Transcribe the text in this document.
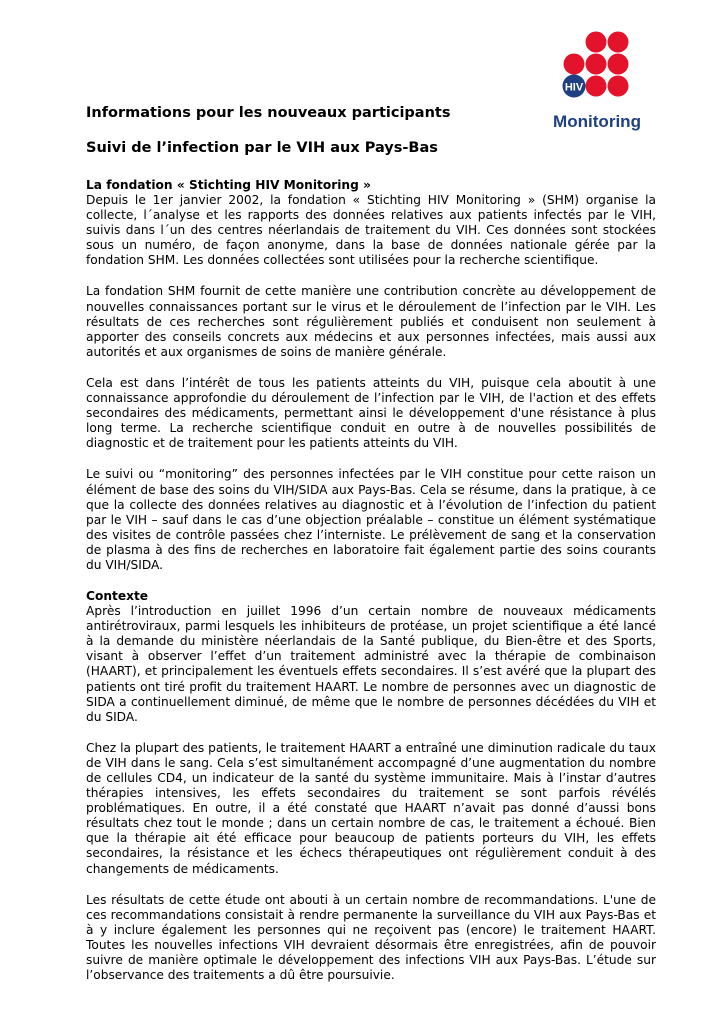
HIV
Monitoring
Informations pour les nouveaux participants
Suivi de l’infection par le VIH aux Pays-Bas
La fondation « Stichting HIV Monitoring »

Depuis le 1er janvier 2002, la fondation « Stichting HIV Monitoring » (SHM) organise la collecte, l´analyse et les rapports des données relatives aux patients infectés par le VIH, suivis dans l´un des centres néerlandais de traitement du VIH. Ces données sont stockées sous un numéro, de façon anonyme, dans la base de données nationale gérée par la fondation SHM. Les données collectées sont utilisées pour la recherche scientifique.

La fondation SHM fournit de cette manière une contribution concrète au développement de nouvelles connaissances portant sur le virus et le déroulement de l’infection par le VIH. Les résultats de ces recherches sont régulièrement publiés et conduisent non seulement à apporter des conseils concrets aux médecins et aux personnes infectées, mais aussi aux autorités et aux organismes de soins de manière générale.

Cela est dans l’intérêt de tous les patients atteints du VIH, puisque cela aboutit à une connaissance approfondie du déroulement de l’infection par le VIH, de l'action et des effets secondaires des médicaments, permettant ainsi le développement d'une résistance à plus long terme. La recherche scientifique conduit en outre à de nouvelles possibilités de diagnostic et de traitement pour les patients atteints du VIH.

Le suivi ou “monitoring” des personnes infectées par le VIH constitue pour cette raison un élément de base des soins du VIH/SIDA aux Pays-Bas. Cela se résume, dans la pratique, à ce que la collecte des données relatives au diagnostic et à l’évolution de l’infection du patient par le VIH – sauf dans le cas d’une objection préalable – constitue un élément systématique des visites de contrôle passées chez l’interniste. Le prélèvement de sang et la conservation de plasma à des fins de recherches en laboratoire fait également partie des soins courants du VIH/SIDA.

Contexte

Après l’introduction en juillet 1996 d’un certain nombre de nouveaux médicaments antirétroviraux, parmi lesquels les inhibiteurs de protéase, un projet scientifique a été lancé à la demande du ministère néerlandais de la Santé publique, du Bien-être et des Sports, visant à observer l’effet d’un traitement administré avec la thérapie de combinaison (HAART), et principalement les éventuels effets secondaires. Il s’est avéré que la plupart des patients ont tiré profit du traitement HAART. Le nombre de personnes avec un diagnostic de SIDA a continuellement diminué, de même que le nombre de personnes décédées du VIH et du SIDA.

Chez la plupart des patients, le traitement HAART a entraîné une diminution radicale du taux de VIH dans le sang. Cela s’est simultanément accompagné d’une augmentation du nombre de cellules CD4, un indicateur de la santé du système immunitaire. Mais à l’instar d’autres thérapies intensives, les effets secondaires du traitement se sont parfois révélés problématiques. En outre, il a été constaté que HAART n’avait pas donné d’aussi bons résultats chez tout le monde ; dans un certain nombre de cas, le traitement a échoué. Bien que la thérapie ait été efficace pour beaucoup de patients porteurs du VIH, les effets secondaires, la résistance et les échecs thérapeutiques ont régulièrement conduit à des changements de médicaments.

Les résultats de cette étude ont abouti à un certain nombre de recommandations. L'une de ces recommandations consistait à rendre permanente la surveillance du VIH aux Pays-Bas et à y inclure également les personnes qui ne reçoivent pas (encore) le traitement HAART. Toutes les nouvelles infections VIH devraient désormais être enregistrées, afin de pouvoir suivre de manière optimale le développement des infections VIH aux Pays-Bas. L’étude sur l’observance des traitements a dû être poursuivie.
